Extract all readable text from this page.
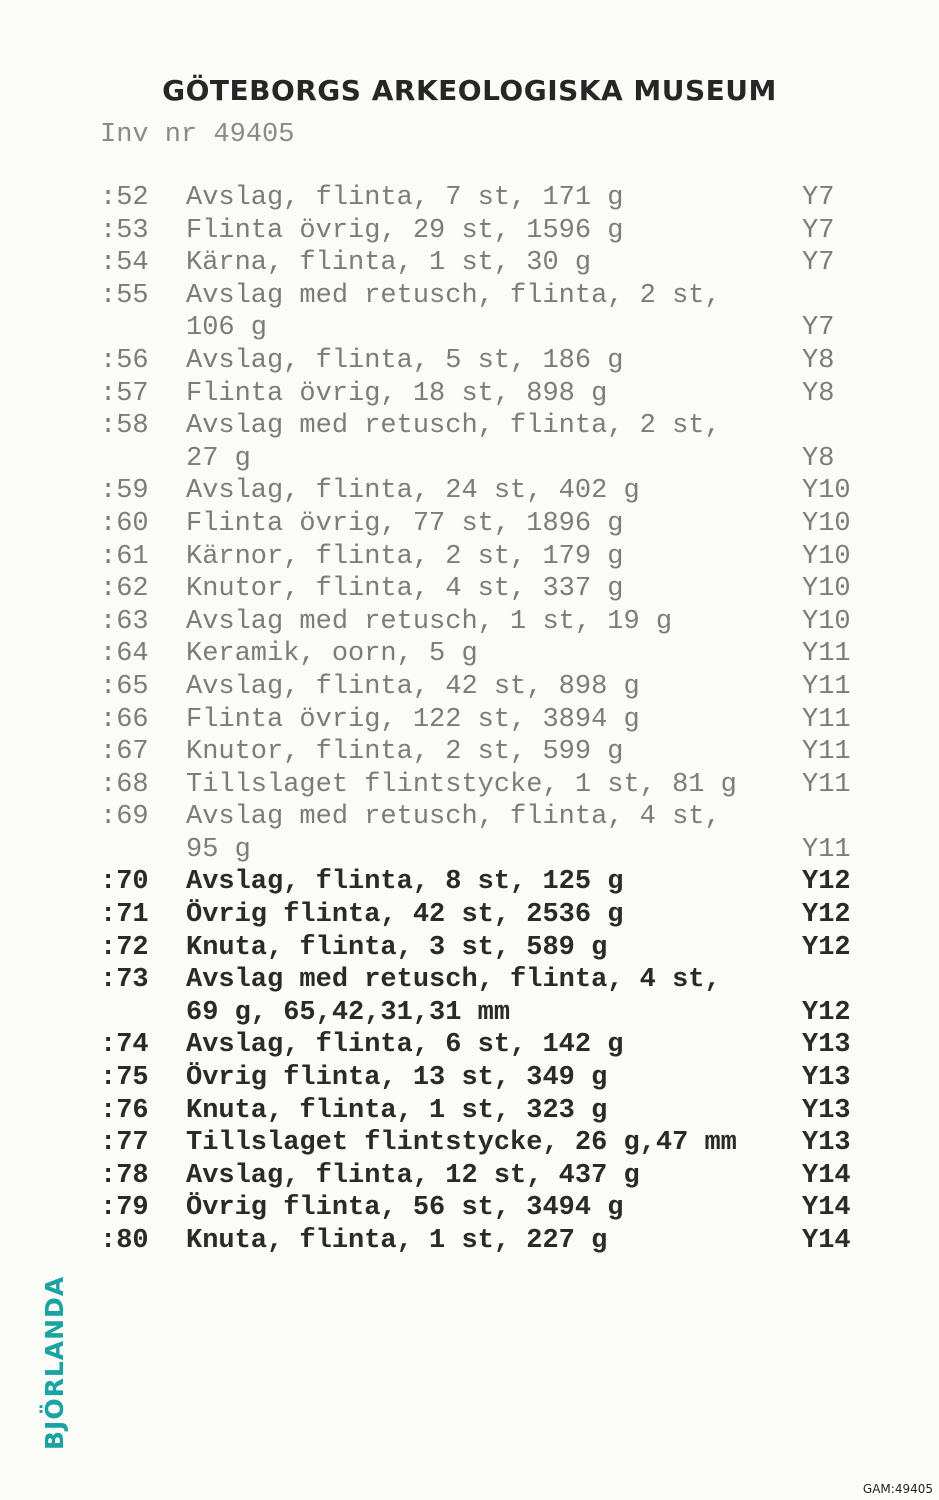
GÖTEBORGS ARKEOLOGISKA MUSEUM
Inv nr 49405
:52	Avslag, flinta, 7 st, 171 g	Y7
:53	Flinta övrig, 29 st, 1596 g	Y7
:54	Kärna, flinta, 1 st, 30 g	Y7
:55	Avslag med retusch, flinta, 2 st,
106 g	Y7
:56	Avslag, flinta, 5 st, 186 g	Y8
:57	Flinta övrig, 18 st, 898 g	Y8
:58	Avslag med retusch, flinta, 2 st,
27 g	Y8
:59	Avslag, flinta, 24 st, 402 g	Y10
:60	Flinta övrig, 77 st, 1896 g	Y10
:61	Kärnor, flinta, 2 st, 179 g	Y10
:62	Knutor, flinta, 4 st, 337 g	Y10
:63	Avslag med retusch, 1 st, 19 g	Y10
:64	Keramik, oorn, 5 g	Y11
:65	Avslag, flinta, 42 st, 898 g	Y11
:66	Flinta övrig, 122 st, 3894 g	Y11
:67	Knutor, flinta, 2 st, 599 g	Y11
:68	Tillslaget flintstycke, 1 st, 81 g Y11
:69	Avslag med retusch, flinta, 4 st,
95 g	Y11
:70	Avslag, flinta, 8 st, 125 g	Y12
:71	Övrig flinta, 42 st, 2536 g	Y12
:72	Knuta, flinta, 3 st, 589 g	Y12
:73	Avslag med retusch, flinta, 4 st,
69 g, 65,42,31,31 mm	Y12
:74	Avslag, flinta, 6 st, 142 g	Y13
:75	Övrig flinta, 13 st, 349 g	Y13
:76	Knuta, flinta, 1 st, 323 g	Y13
:77	Tillslaget flintstycke, 26 g,47 mm Y13
:78	Avslag, flinta, 12 st, 437 g	Y14
:79	Övrig flinta, 56 st, 3494 g	Y14
:80	Knuta, flinta, 1 st, 227 g	Y14
BJÖRLANDA
GAM:49405
